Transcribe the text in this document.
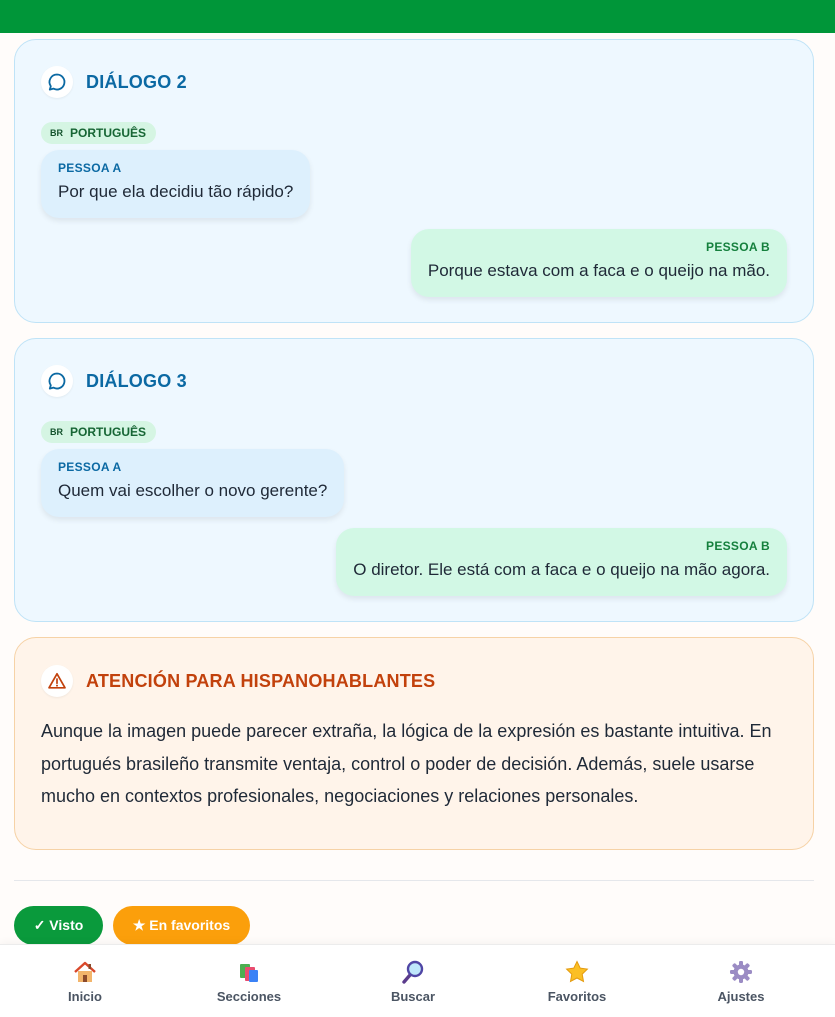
DIÁLOGO 2
BR PORTUGUÊS
PESSOA A
Por que ela decidiu tão rápido?
PESSOA B
Porque estava com a faca e o queijo na mão.
DIÁLOGO 3
BR PORTUGUÊS
PESSOA A
Quem vai escolher o novo gerente?
PESSOA B
O diretor. Ele está com a faca e o queijo na mão agora.
ATENCIÓN PARA HISPANOHABLANTES

Aunque la imagen puede parecer extraña, la lógica de la expresión es bastante intuitiva. En portugués brasileño transmite ventaja, control o poder de decisión. Además, suele usarse mucho en contextos profesionales, negociaciones y relaciones personales.

✓ Visto	★ En favoritos
Inicio	Secciones	Buscar	Favoritos	Ajustes
